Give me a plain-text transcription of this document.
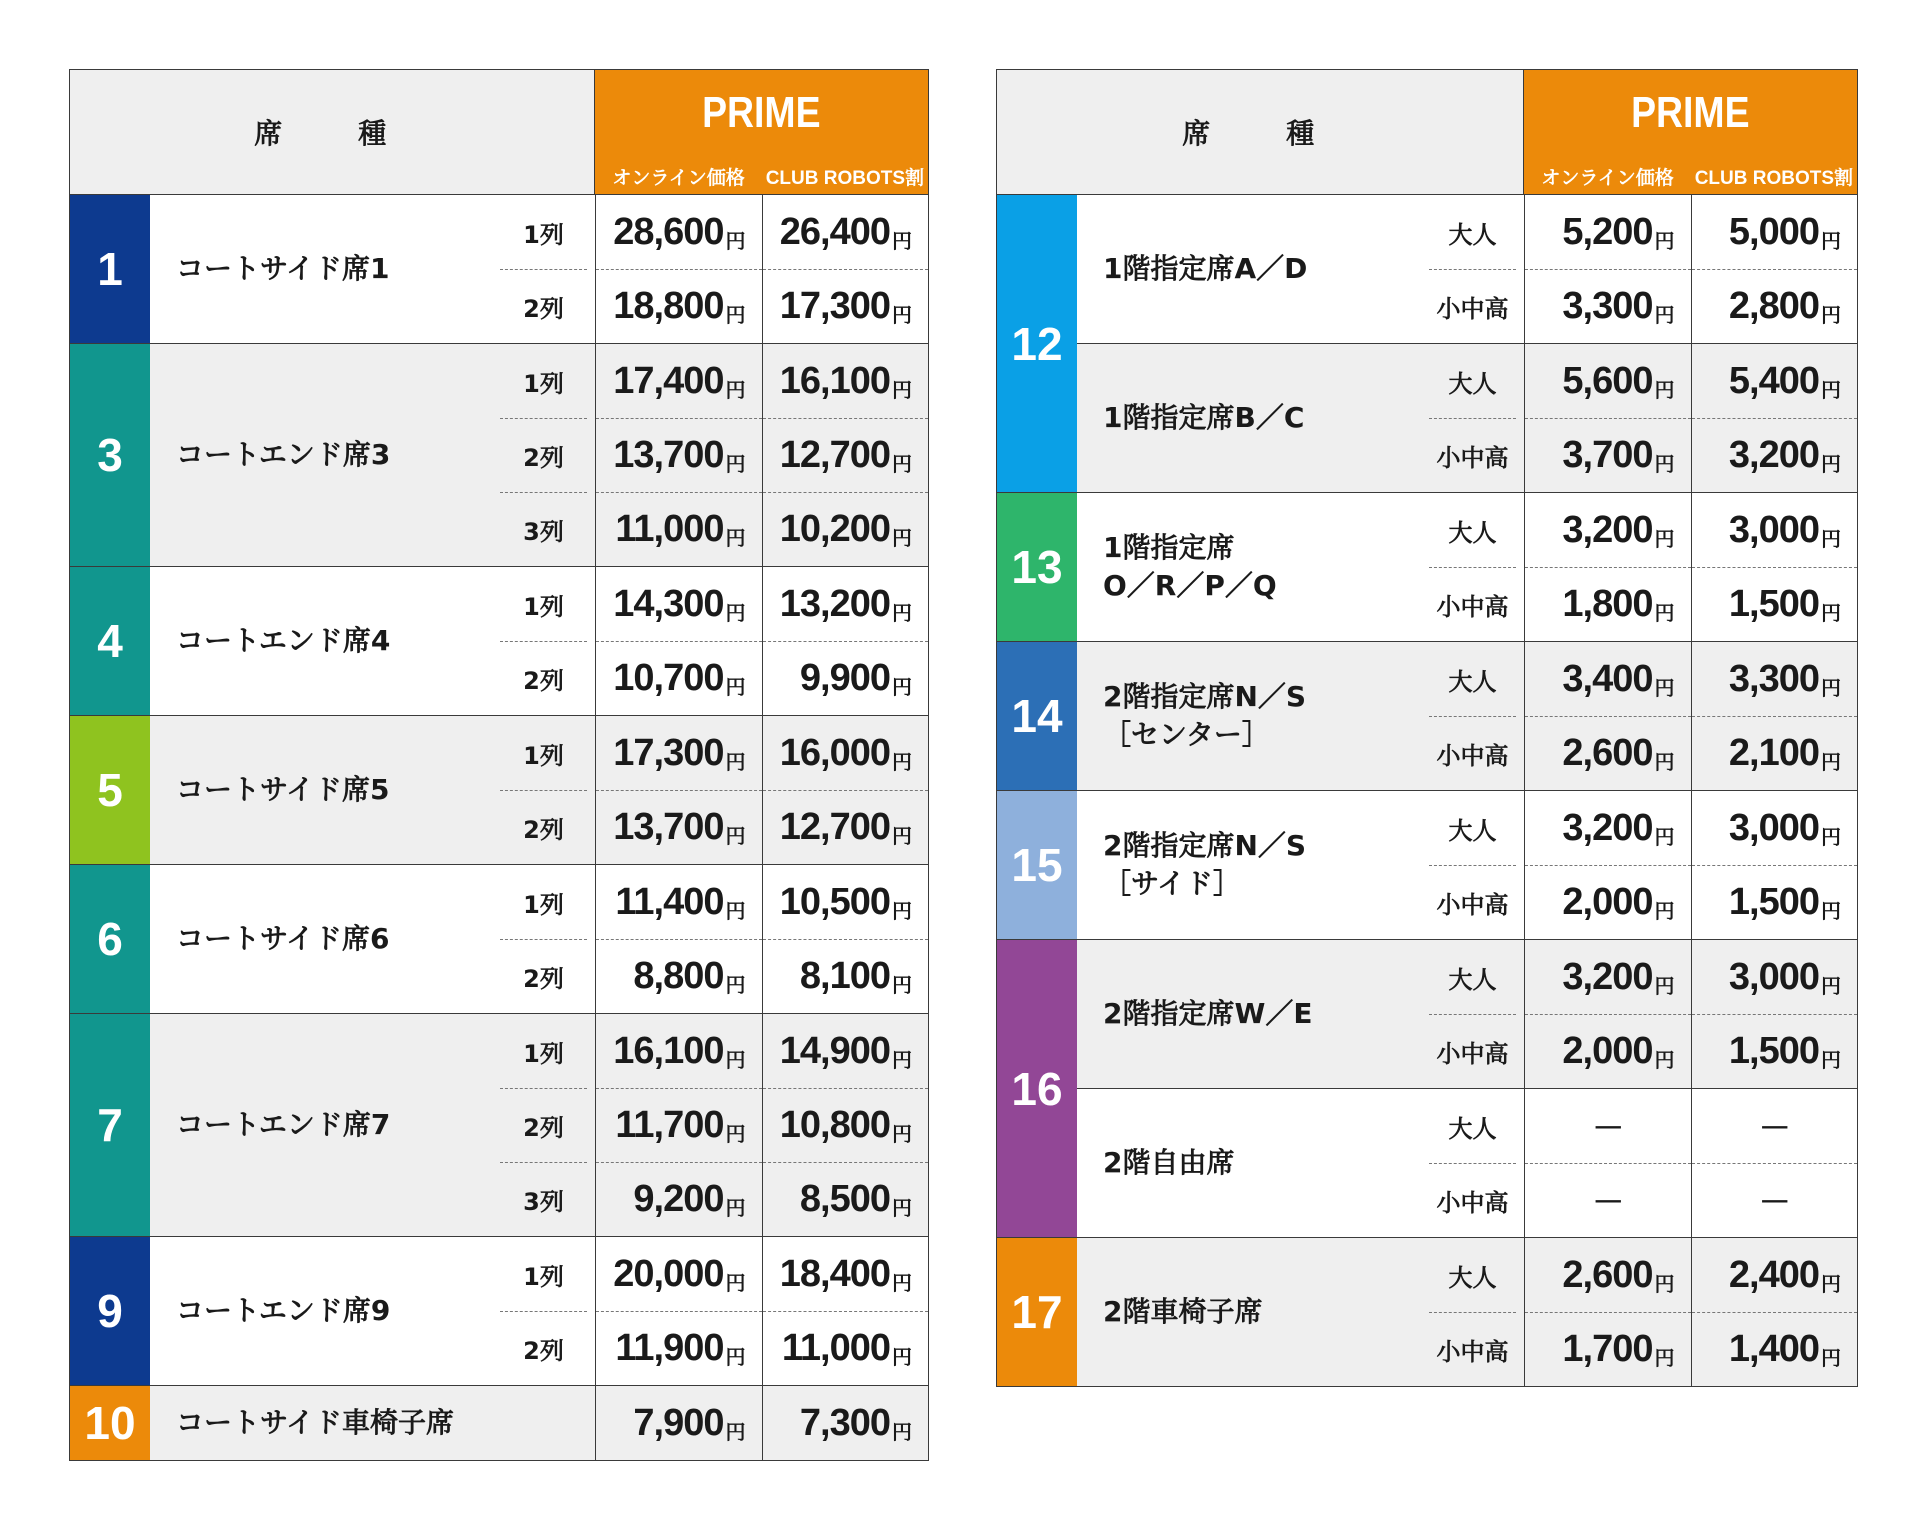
席　種	PRIME
オンライン価格	CLUB ROBOTS割
1	コートサイド席1
1列	28,600 円 26,400 円
2列	18,800 円 17,300 円
3	コートエンド席3
1列	17,400 円 16,100 円
2列	13,700 円 12,700 円
3列	11,000 円 10,200 円
4	コートエンド席4
1列	14,300 円 13,200 円
2列	10,700 円 9,900 円
5	コートサイド席5
1列	17,300 円 16,000 円
2列	13,700 円 12,700 円
6	コートサイド席6
1列	11,400 円 10,500 円
2列	8,800 円 8,100 円
7	コートエンド席7
1列	16,100 円 14,900 円
2列	11,700 円 10,800 円
3列	9,200 円 8,500 円
9	コートエンド席9
1列	20,000 円 18,400 円
2列	11,900 円 11,000 円
10	コートサイド車椅子席	7,900 円 7,300 円
席　種	PRIME
オンライン価格	CLUB ROBOTS割
12
1階指定席A／D
大人	5,200 円 5,000 円
小中高	3,300 円 2,800 円
1階指定席B／C
大人	5,600 円 5,400 円
小中高	3,700 円 3,200 円
13	1階指定席
O／R／P／Q
大人	3,200 円 3,000 円
小中高	1,800 円 1,500 円
14	2階指定席N／S
［センター］
大人	3,400 円 3,300 円
小中高	2,600 円 2,100 円
15	2階指定席N／S
［サイド］
大人	3,200 円 3,000 円
小中高	2,000 円 1,500 円
16
2階指定席W／E
大人	3,200 円 3,000 円
小中高	2,000 円 1,500 円
2階自由席
大人	－	－
小中高	－	－
17	2階車椅子席
大人	2,600 円 2,400 円
小中高	1,700 円 1,400 円
